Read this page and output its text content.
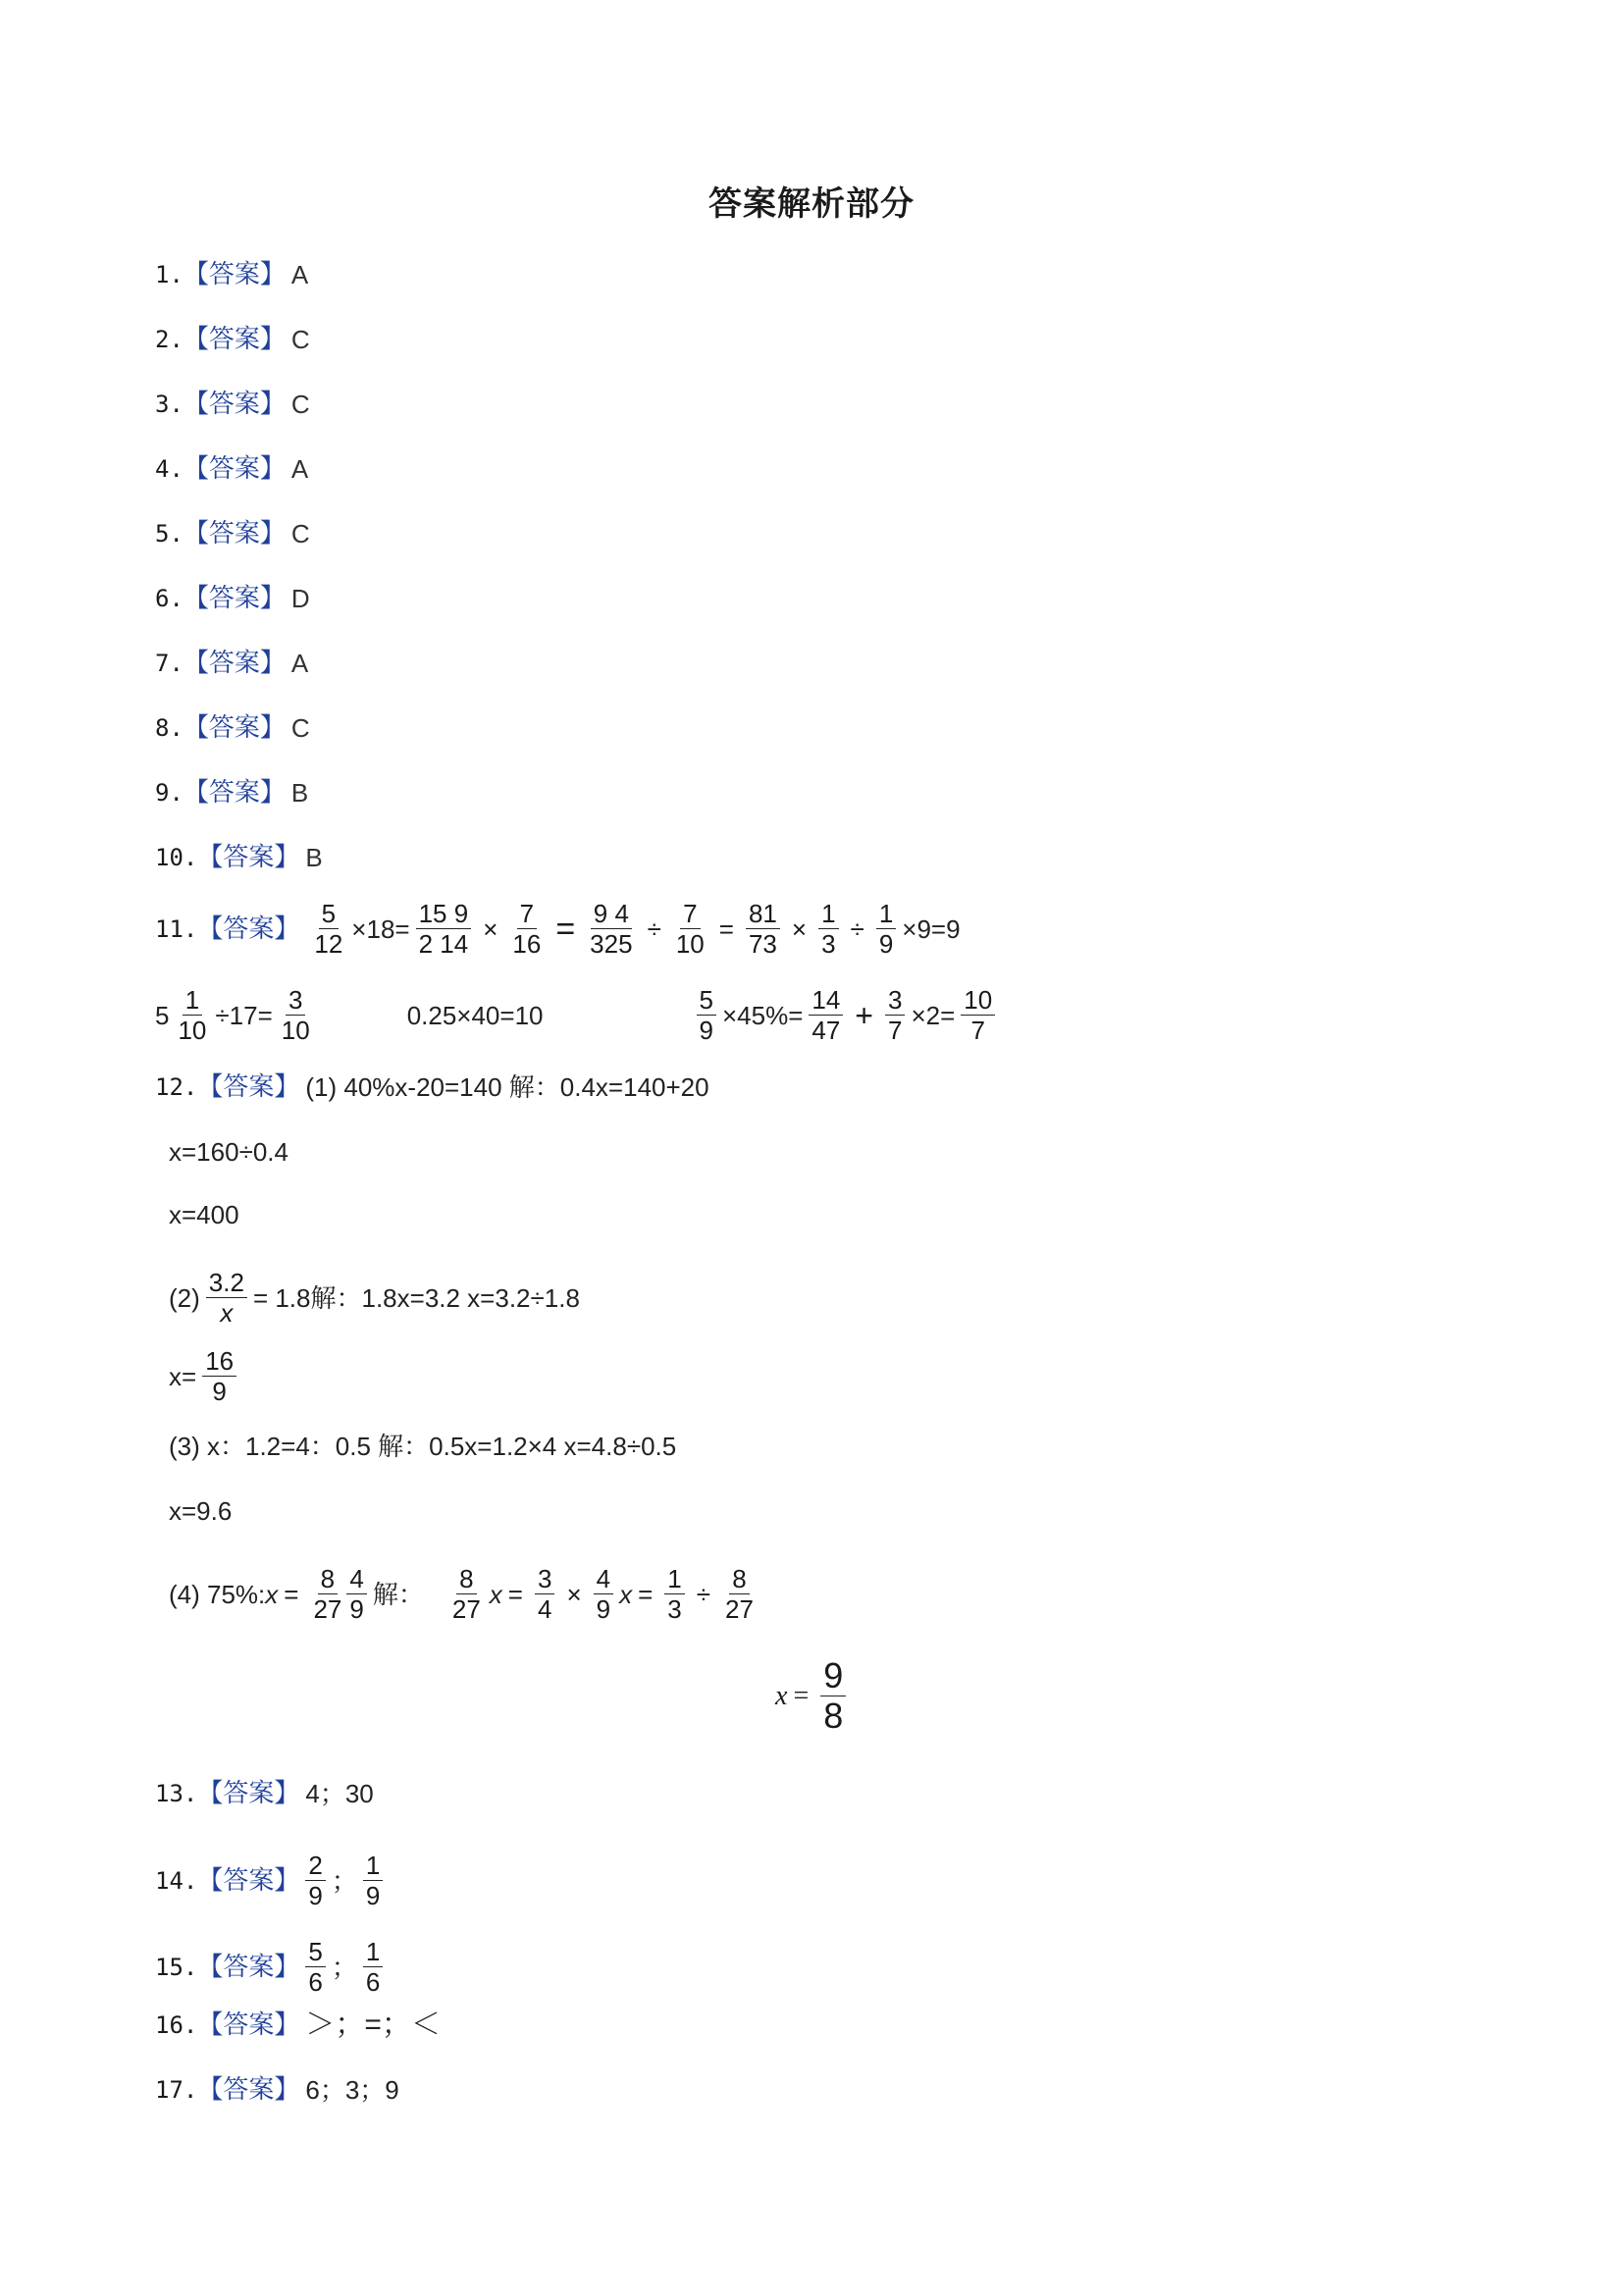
答案解析部分
1. 【答案】 A
2. 【答案】 C
3. 【答案】 C
4. 【答案】 A
5. 【答案】 C
6. 【答案】 D
7. 【答案】 A
8. 【答案】 C
9. 【答案】 B
10. 【答案】 B
11. 【答案】 $\frac{5}{12} \times 18= \frac{15 9}{2 14} \times \frac{7}{16} = \frac{9 4}{325} \div \frac{7}{10} = \frac{81}{73} \times \frac{1}{3} \div \frac{1}{9} \times 9=9$
$5 \frac{1}{10} \div 17= \frac{3}{10}$	0.25×40=10	$\frac{5}{9} \times 45\%= \frac{14}{47} + \frac{3}{7} \times 2= \frac{10}{7}$
12. 【答案】 (1) 40%x-20=140 解：0.4x=140+20
x=160÷0.4
x=400
$(2) \frac{3.2}{x} = 1.8$解：1.8x=3.2 x=3.2÷1.8
$x= \frac{16}{9}$
(3) x：1.2=4：0.5 解：0.5x=1.2×4 x=4.8÷0.5
x=9.6
(4) 75%: $x = \frac{8}{27} \frac{4}{9}$ 解： $\frac{8}{27}$ $x = \frac{3}{4} \times \frac{4}{9}$ $x = \frac{1}{3} \div \frac{8}{27}$
$x = \frac{9}{8}$
13. 【答案】 4；30
14. 【答案】 $\frac{2}{9}$ ； $\frac{1}{9}$
15. 【答案】 $\frac{5}{6}$ ； $\frac{1}{6}$
16. 【答案】 ＞；=；＜
17. 【答案】 6；3；9
